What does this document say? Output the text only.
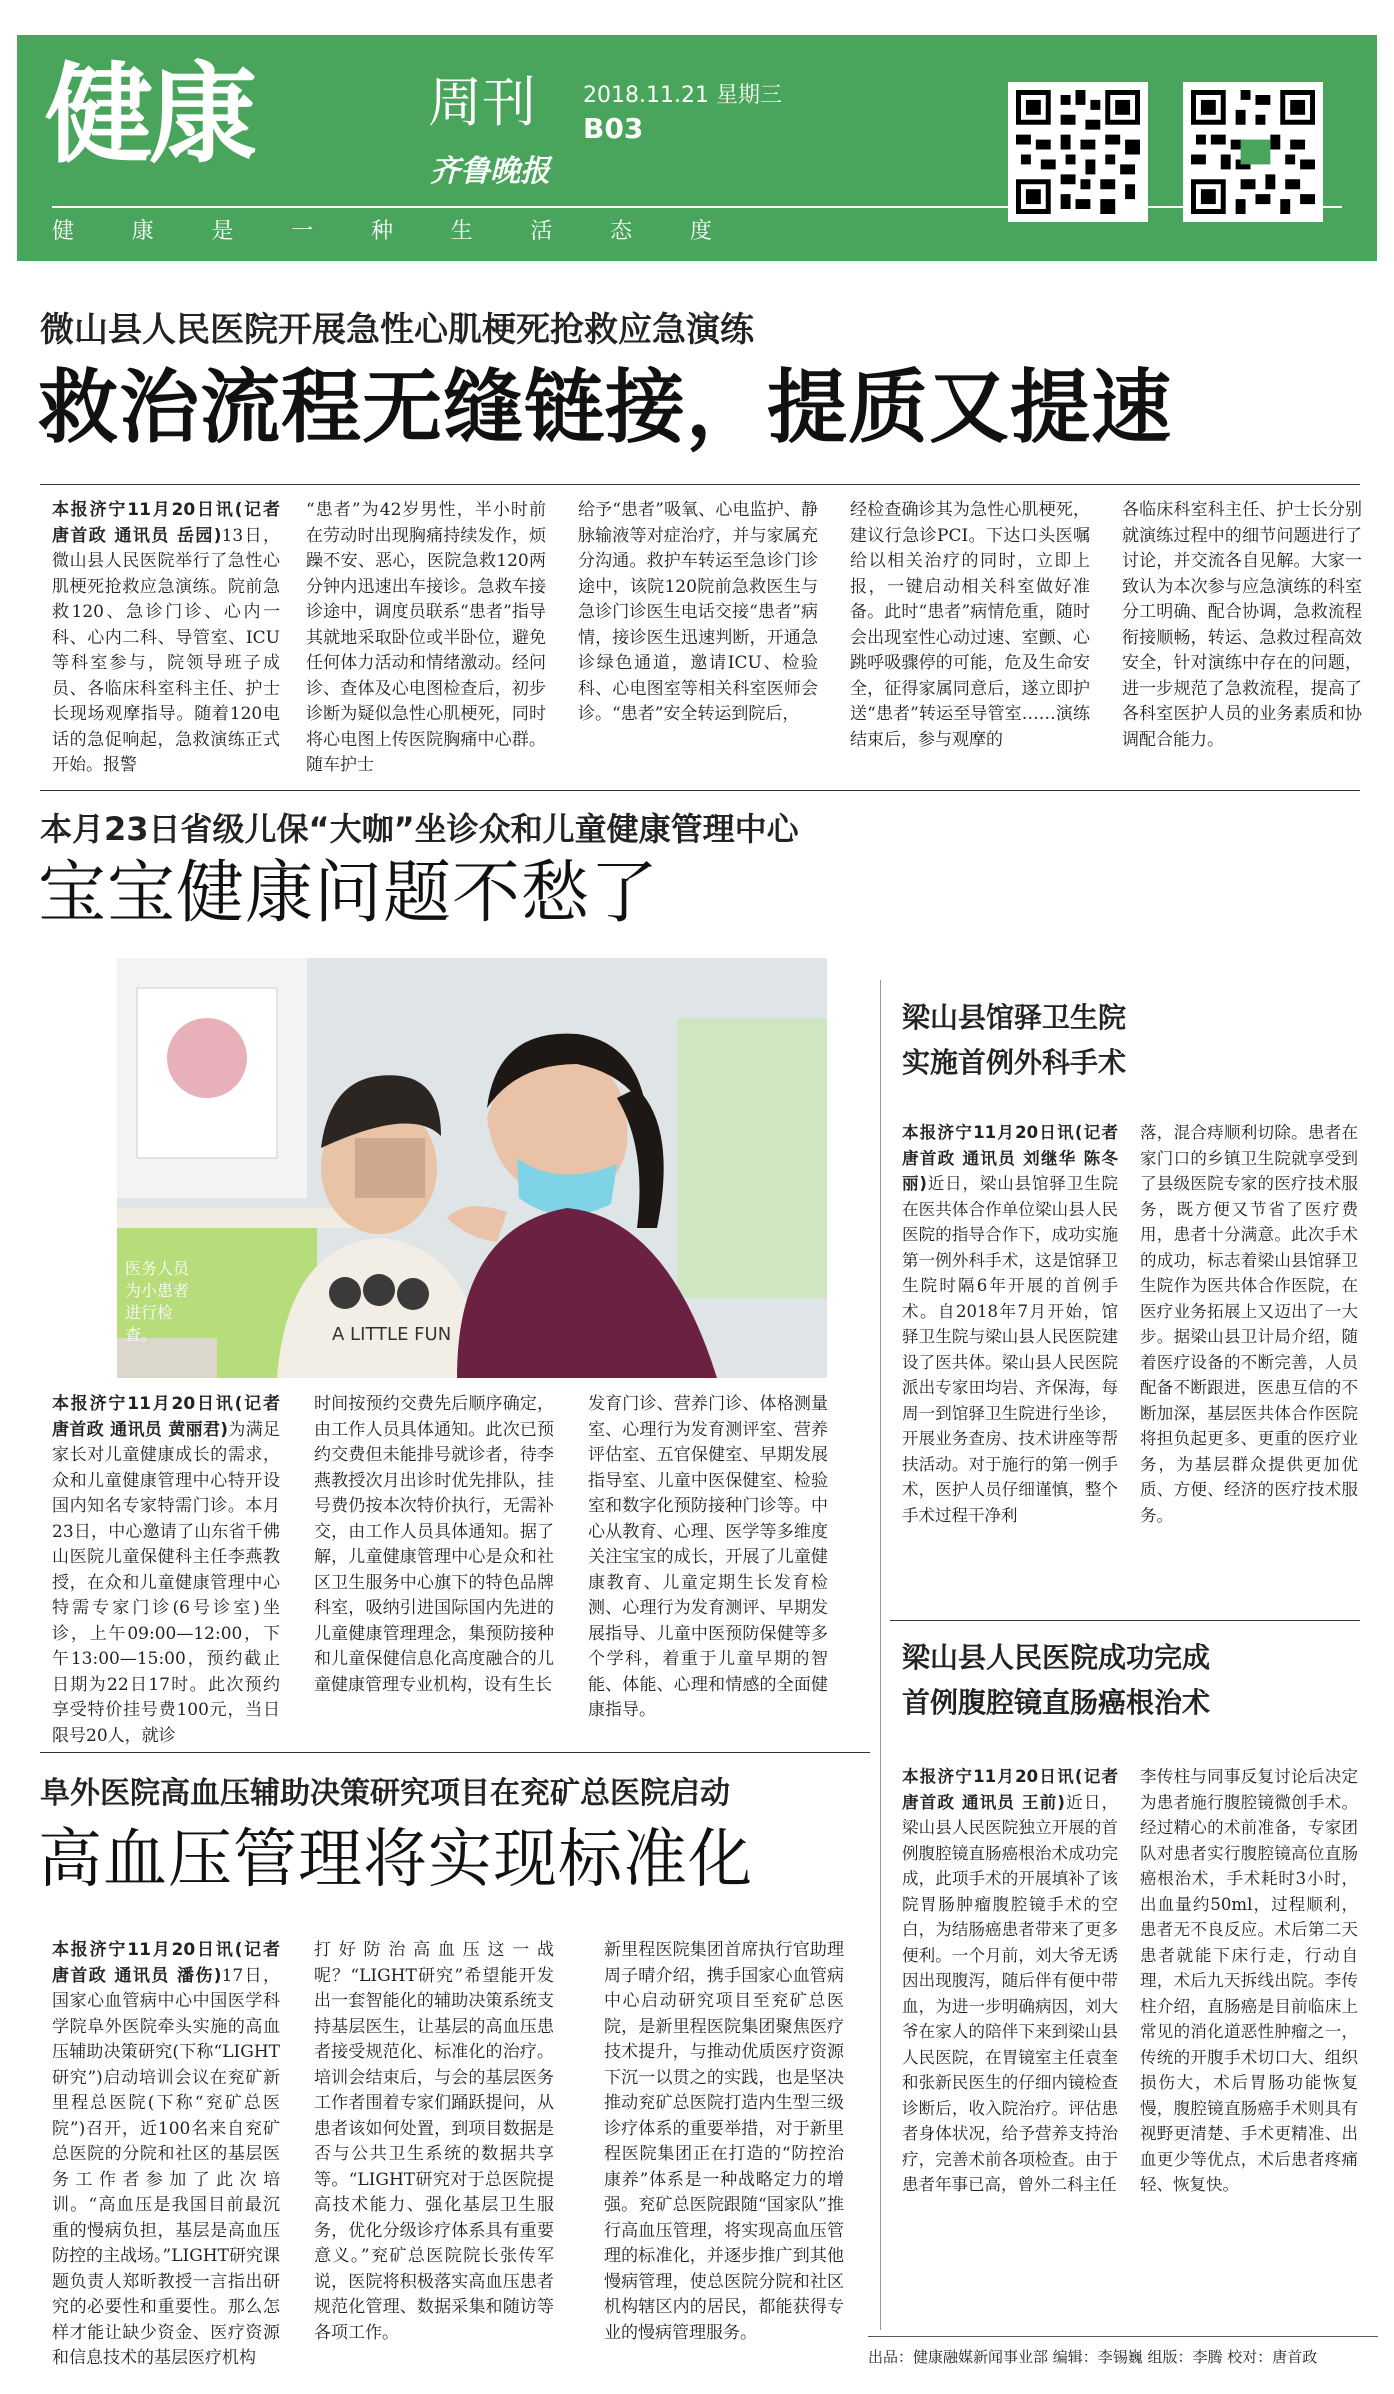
健康	周刊 2018.11.21 星期三
B03
齐鲁晚报
健	康	是	一	种	生	活	态	度
微山县人民医院开展急性心肌梗死抢救应急演练
救治流程无缝链接，提质又提速
本报济宁11月20日讯(记者 唐首政 通讯员 岳园)13日，微山县人民医院举行了急性心肌梗死抢救应急演练。院前急救120、急诊门诊、心内一科、心内二科、导管室、ICU等科室参与，院领导班子成员、各临床科室科主任、护士长现场观摩指导。随着120电话的急促响起，急救演练正式开始。报警
“患者”为42岁男性，半小时前在劳动时出现胸痛持续发作，烦躁不安、恶心，医院急救120两分钟内迅速出车接诊。急救车接诊途中，调度员联系“患者”指导其就地采取卧位或半卧位，避免任何体力活动和情绪激动。经问诊、查体及心电图检查后，初步诊断为疑似急性心肌梗死，同时将心电图上传医院胸痛中心群。随车护士
给予“患者”吸氧、心电监护、静脉输液等对症治疗，并与家属充分沟通。救护车转运至急诊门诊途中，该院120院前急救医生与急诊门诊医生电话交接“患者”病情，接诊医生迅速判断，开通急诊绿色通道，邀请ICU、检验科、心电图室等相关科室医师会诊。“患者”安全转运到院后，
经检查确诊其为急性心肌梗死，建议行急诊PCI。下达口头医嘱给以相关治疗的同时，立即上报，一键启动相关科室做好准备。此时“患者”病情危重，随时会出现室性心动过速、室颤、心跳呼吸骤停的可能，危及生命安全，征得家属同意后，遂立即护送“患者”转运至导管室……演练结束后，参与观摩的
各临床科室科主任、护士长分别就演练过程中的细节问题进行了讨论，并交流各自见解。大家一致认为本次参与应急演练的科室分工明确、配合协调，急救流程衔接顺畅，转运、急救过程高效安全，针对演练中存在的问题，进一步规范了急救流程，提高了各科室医护人员的业务素质和协调配合能力。
本月23日省级儿保“大咖”坐诊众和儿童健康管理中心
宝宝健康问题不愁了
A LITTLE FUN
医务人员为小患者进行检查。
本报济宁11月20日讯(记者 唐首政 通讯员 黄丽君)为满足家长对儿童健康成长的需求，众和儿童健康管理中心特开设国内知名专家特需门诊。本月23日，中心邀请了山东省千佛山医院儿童保健科主任李燕教授，在众和儿童健康管理中心特需专家门诊(6号诊室)坐诊，上午09:00—12:00，下午13:00—15:00，预约截止日期为22日17时。此次预约享受特价挂号费100元，当日限号20人，就诊
时间按预约交费先后顺序确定，由工作人员具体通知。此次已预约交费但未能排号就诊者，待李燕教授次月出诊时优先排队，挂号费仍按本次特价执行，无需补交，由工作人员具体通知。据了解，儿童健康管理中心是众和社区卫生服务中心旗下的特色品牌科室，吸纳引进国际国内先进的儿童健康管理理念，集预防接种和儿童保健信息化高度融合的儿童健康管理专业机构，设有生长
发育门诊、营养门诊、体格测量室、心理行为发育测评室、营养评估室、五官保健室、早期发展指导室、儿童中医保健室、检验室和数字化预防接种门诊等。中心从教育、心理、医学等多维度关注宝宝的成长，开展了儿童健康教育、儿童定期生长发育检测、心理行为发育测评、早期发展指导、儿童中医预防保健等多个学科，着重于儿童早期的智能、体能、心理和情感的全面健康指导。
梁山县馆驿卫生院
实施首例外科手术
本报济宁11月20日讯(记者 唐首政 通讯员 刘继华 陈冬丽)近日，梁山县馆驿卫生院在医共体合作单位梁山县人民医院的指导合作下，成功实施第一例外科手术，这是馆驿卫生院时隔6年开展的首例手术。自2018年7月开始，馆驿卫生院与梁山县人民医院建设了医共体。梁山县人民医院派出专家田均岩、齐保海，每周一到馆驿卫生院进行坐诊，开展业务查房、技术讲座等帮扶活动。对于施行的第一例手术，医护人员仔细谨慎，整个手术过程干净利
落，混合痔顺利切除。患者在家门口的乡镇卫生院就享受到了县级医院专家的医疗技术服务，既方便又节省了医疗费用，患者十分满意。此次手术的成功，标志着梁山县馆驿卫生院作为医共体合作医院，在医疗业务拓展上又迈出了一大步。据梁山县卫计局介绍，随着医疗设备的不断完善，人员配备不断跟进，医患互信的不断加深，基层医共体合作医院将担负起更多、更重的医疗业务，为基层群众提供更加优质、方便、经济的医疗技术服务。
梁山县人民医院成功完成
首例腹腔镜直肠癌根治术
本报济宁11月20日讯(记者 唐首政 通讯员 王前)近日，梁山县人民医院独立开展的首例腹腔镜直肠癌根治术成功完成，此项手术的开展填补了该院胃肠肿瘤腹腔镜手术的空白，为结肠癌患者带来了更多便利。一个月前，刘大爷无诱因出现腹泻，随后伴有便中带血，为进一步明确病因，刘大爷在家人的陪伴下来到梁山县人民医院，在胃镜室主任袁奎和张新民医生的仔细内镜检查诊断后，收入院治疗。评估患者身体状况，给予营养支持治疗，完善术前各项检查。由于患者年事已高，曾外二科主任
李传柱与同事反复讨论后决定为患者施行腹腔镜微创手术。经过精心的术前准备，专家团队对患者实行腹腔镜高位直肠癌根治术，手术耗时3小时，出血量约50ml，过程顺利，患者无不良反应。术后第二天患者就能下床行走，行动自理，术后九天拆线出院。李传柱介绍，直肠癌是目前临床上常见的消化道恶性肿瘤之一，传统的开腹手术切口大、组织损伤大，术后胃肠功能恢复慢，腹腔镜直肠癌手术则具有视野更清楚、手术更精准、出血更少等优点，术后患者疼痛轻、恢复快。
阜外医院高血压辅助决策研究项目在兖矿总医院启动
高血压管理将实现标准化
本报济宁11月20日讯(记者 唐首政 通讯员 潘伤)17日，国家心血管病中心中国医学科学院阜外医院牵头实施的高血压辅助决策研究(下称“LIGHT研究”)启动培训会议在兖矿新里程总医院(下称“兖矿总医院”)召开，近100名来自兖矿总医院的分院和社区的基层医务工作者参加了此次培训。“高血压是我国目前最沉重的慢病负担，基层是高血压防控的主战场。”LIGHT研究课题负责人郑昕教授一言指出研究的必要性和重要性。那么怎样才能让缺少资金、医疗资源和信息技术的基层医疗机构
打好防治高血压这一战呢？“LIGHT研究”希望能开发出一套智能化的辅助决策系统支持基层医生，让基层的高血压患者接受规范化、标准化的治疗。培训会结束后，与会的基层医务工作者围着专家们踊跃提问，从患者该如何处置，到项目数据是否与公共卫生系统的数据共享等。“LIGHT研究对于总医院提高技术能力、强化基层卫生服务，优化分级诊疗体系具有重要意义。”兖矿总医院院长张传军说，医院将积极落实高血压患者规范化管理、数据采集和随访等各项工作。
新里程医院集团首席执行官助理周子晴介绍，携手国家心血管病中心启动研究项目至兖矿总医院，是新里程医院集团聚焦医疗技术提升，与推动优质医疗资源下沉一以贯之的实践，也是坚决推动兖矿总医院打造内生型三级诊疗体系的重要举措，对于新里程医院集团正在打造的“防控治康养”体系是一种战略定力的增强。兖矿总医院跟随“国家队”推行高血压管理，将实现高血压管理的标准化，并逐步推广到其他慢病管理，使总医院分院和社区机构辖区内的居民，都能获得专业的慢病管理服务。
出品：健康融媒新闻事业部 编辑：李锡巍 组版：李腾 校对：唐首政
